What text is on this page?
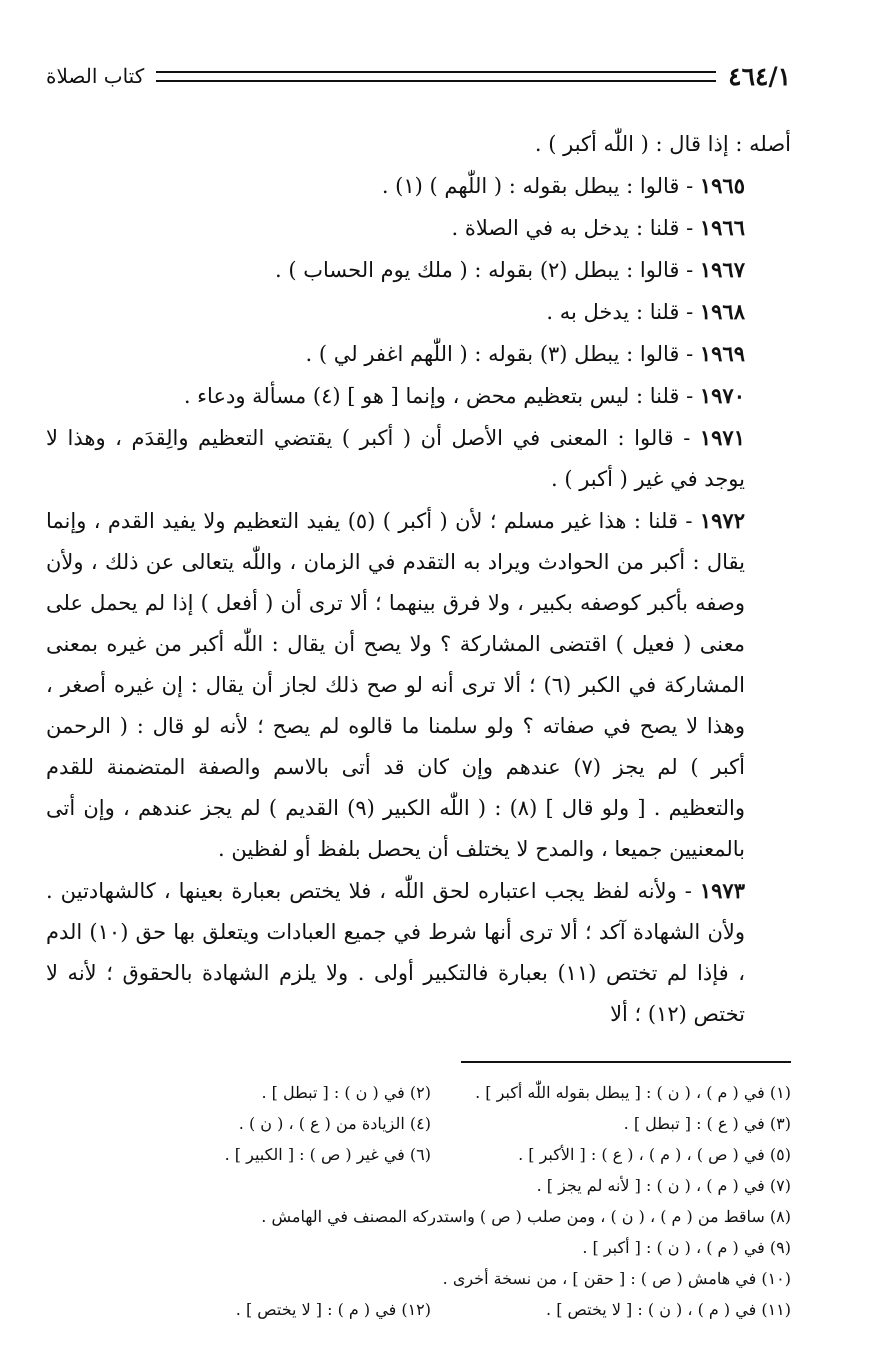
٤٦٤/١
كتاب الصلاة

أصله : إذا قال : ( اللّٰه أكبر ) .

١٩٦٥ - قالوا : يبطل بقوله : ( اللّٰهم ) (١) .

١٩٦٦ - قلنا : يدخل به في الصلاة .

١٩٦٧ - قالوا : يبطل (٢) بقوله : ( ملك يوم الحساب ) .

١٩٦٨ - قلنا : يدخل به .

١٩٦٩ - قالوا : يبطل (٣) بقوله : ( اللّٰهم اغفر لي ) .

١٩٧٠ - قلنا : ليس بتعظيم محض ، وإنما [ هو ] (٤) مسألة ودعاء .

١٩٧١ - قالوا : المعنى في الأصل أن ( أكبر ) يقتضي التعظيم والِقدَم ، وهذا لا يوجد في غير ( أكبر ) .

١٩٧٢ - قلنا : هذا غير مسلم ؛ لأن ( أكبر ) (٥) يفيد التعظيم ولا يفيد القدم ، وإنما يقال : أكبر من الحوادث ويراد به التقدم في الزمان ، واللّٰه يتعالى عن ذلك ، ولأن وصفه بأكبر كوصفه بكبير ، ولا فرق بينهما ؛ ألا ترى أن ( أفعل ) إذا لم يحمل على معنى ( فعيل ) اقتضى المشاركة ؟ ولا يصح أن يقال : اللّٰه أكبر من غيره بمعنى المشاركة في الكبر (٦) ؛ ألا ترى أنه لو صح ذلك لجاز أن يقال : إن غيره أصغر ، وهذا لا يصح في صفاته ؟ ولو سلمنا ما قالوه لم يصح ؛ لأنه لو قال : ( الرحمن أكبر ) لم يجز (٧) عندهم وإن كان قد أتى بالاسم والصفة المتضمنة للقدم والتعظيم . [ ولو قال ] (٨) : ( اللّٰه الكبير (٩) القديم ) لم يجز عندهم ، وإن أتى بالمعنيين جميعا ، والمدح لا يختلف أن يحصل بلفظ أو لفظين .

١٩٧٣ - ولأنه لفظ يجب اعتباره لحق اللّٰه ، فلا يختص بعبارة بعينها ، كالشهادتين . ولأن الشهادة آكد ؛ ألا ترى أنها شرط في جميع العبادات ويتعلق بها حق (١٠) الدم ، فإذا لم تختص (١١) بعبارة فالتكبير أولى . ولا يلزم الشهادة بالحقوق ؛ لأنه لا تختص (١٢) ؛ ألا

(١) في ( م ) ، ( ن ) : [ يبطل بقوله اللّٰه أكبر ] .
(٢) في ( ن ) : [ تبطل ] .
(٣) في ( ع ) : [ تبطل ] .
(٤) الزيادة من ( ع ) ، ( ن ) .
(٥) في ( ص ) ، ( م ) ، ( ع ) : [ الأكبر ] .
(٦) في غير ( ص ) : [ الكبير ] .
(٧) في ( م ) ، ( ن ) : [ لأنه لم يجز ] .
(٨) ساقط من ( م ) ، ( ن ) ، ومن صلب ( ص ) واستدركه المصنف في الهامش .
(٩) في ( م ) ، ( ن ) : [ أكبر ] .
(١٠) في هامش ( ص ) : [ حقن ] ، من نسخة أخرى .
(١١) في ( م ) ، ( ن ) : [ لا يختص ] .
(١٢) في ( م ) : [ لا يختص ] .
